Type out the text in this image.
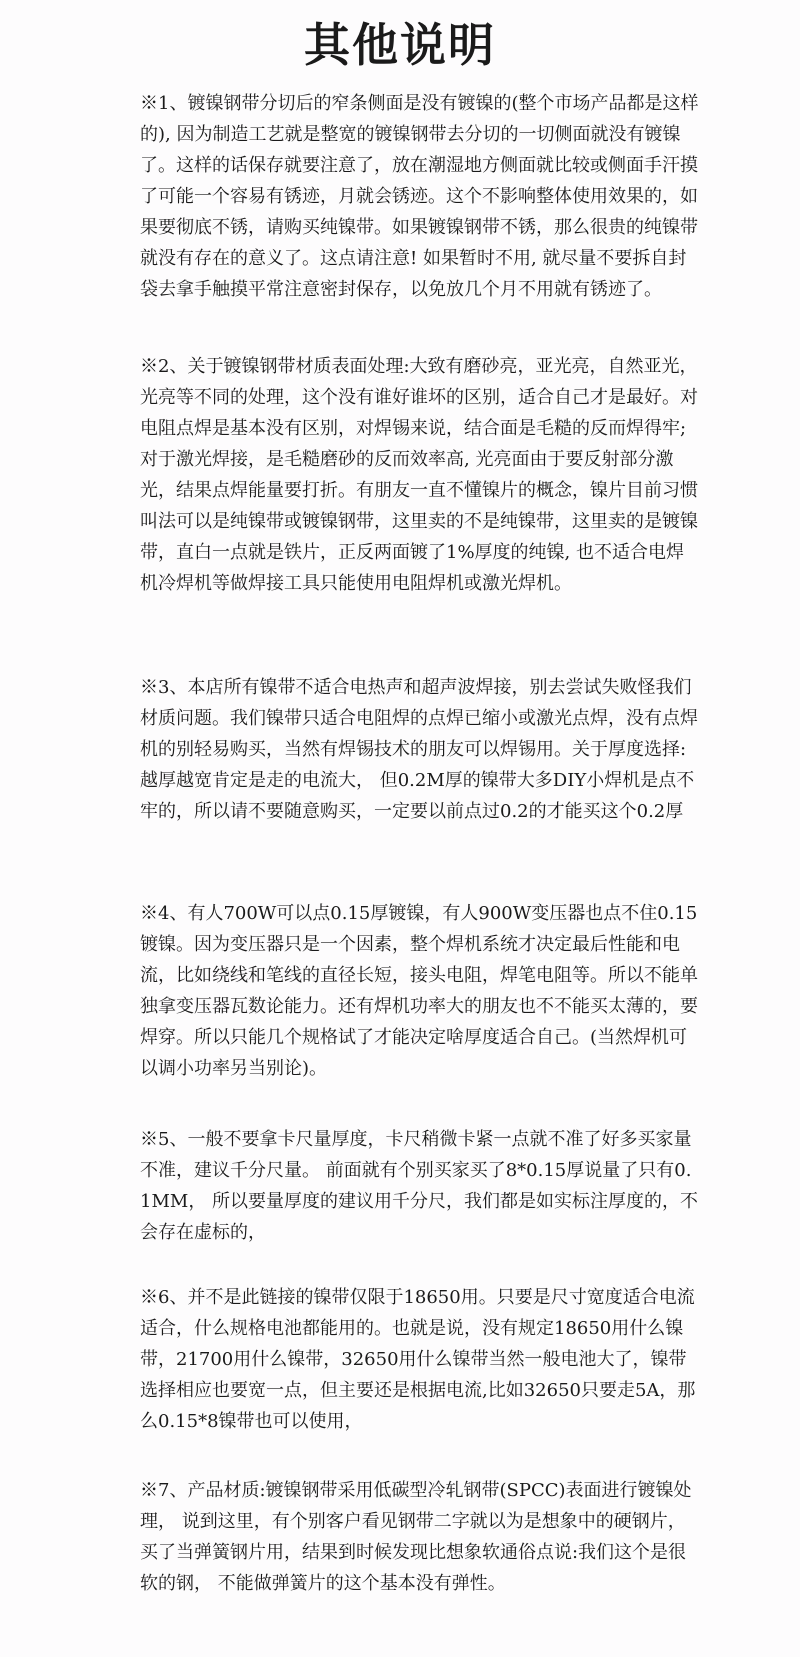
其他说明

※1、镀镍钢带分切后的窄条侧面是没有镀镍的(整个市场产品都是这样的), 因为制造工艺就是整宽的镀镍钢带去分切的一切侧面就没有镀镍了。这样的话保存就要注意了，放在潮湿地方侧面就比较或侧面手汗摸了可能一个容易有锈迹，月就会锈迹。这个不影响整体使用效果的，如果要彻底不锈，请购买纯镍带。如果镀镍钢带不锈，那么很贵的纯镍带就没有存在的意义了。这点请注意! 如果暂时不用, 就尽量不要拆自封袋去拿手触摸平常注意密封保存，以免放几个月不用就有锈迹了。

※2、关于镀镍钢带材质表面处理:大致有磨砂亮，亚光亮，自然亚光，光亮等不同的处理，这个没有谁好谁坏的区别，适合自己才是最好。对电阻点焊是基本没有区别，对焊锡来说，结合面是毛糙的反而焊得牢;对于激光焊接，是毛糙磨砂的反而效率高, 光亮面由于要反射部分激光，结果点焊能量要打折。有朋友一直不懂镍片的概念，镍片目前习惯叫法可以是纯镍带或镀镍钢带，这里卖的不是纯镍带，这里卖的是镀镍带，直白一点就是铁片，正反两面镀了1%厚度的纯镍, 也不适合电焊机冷焊机等做焊接工具只能使用电阻焊机或激光焊机。

※3、本店所有镍带不适合电热声和超声波焊接，别去尝试失败怪我们材质问题。我们镍带只适合电阻焊的点焊已缩小或激光点焊，没有点焊机的别轻易购买，当然有焊锡技术的朋友可以焊锡用。关于厚度选择:越厚越宽肯定是走的电流大， 但0.2M厚的镍带大多DIY小焊机是点不牢的，所以请不要随意购买，一定要以前点过0.2的才能买这个0.2厚

※4、有人700W可以点0.15厚镀镍，有人900W变压器也点不住0.15镀镍。因为变压器只是一个因素，整个焊机系统才决定最后性能和电流，比如绕线和笔线的直径长短，接头电阻，焊笔电阻等。所以不能单独拿变压器瓦数论能力。还有焊机功率大的朋友也不不能买太薄的，要焊穿。所以只能几个规格试了才能决定啥厚度适合自己。(当然焊机可以调小功率另当别论)。

※5、一般不要拿卡尺量厚度，卡尺稍微卡紧一点就不准了好多买家量不准，建议千分尺量。 前面就有个别买家买了8*0.15厚说量了只有0.1MM， 所以要量厚度的建议用千分尺，我们都是如实标注厚度的，不会存在虚标的，

※6、并不是此链接的镍带仅限于18650用。只要是尺寸宽度适合电流适合，什么规格电池都能用的。也就是说，没有规定18650用什么镍带，21700用什么镍带，32650用什么镍带当然一般电池大了，镍带选择相应也要宽一点，但主要还是根据电流,比如32650只要走5A，那么0.15*8镍带也可以使用，

※7、产品材质:镀镍钢带采用低碳型冷轧钢带(SPCC)表面进行镀镍处理， 说到这里，有个别客户看见钢带二字就以为是想象中的硬钢片，买了当弹簧钢片用，结果到时候发现比想象软通俗点说:我们这个是很软的钢， 不能做弹簧片的这个基本没有弹性。
